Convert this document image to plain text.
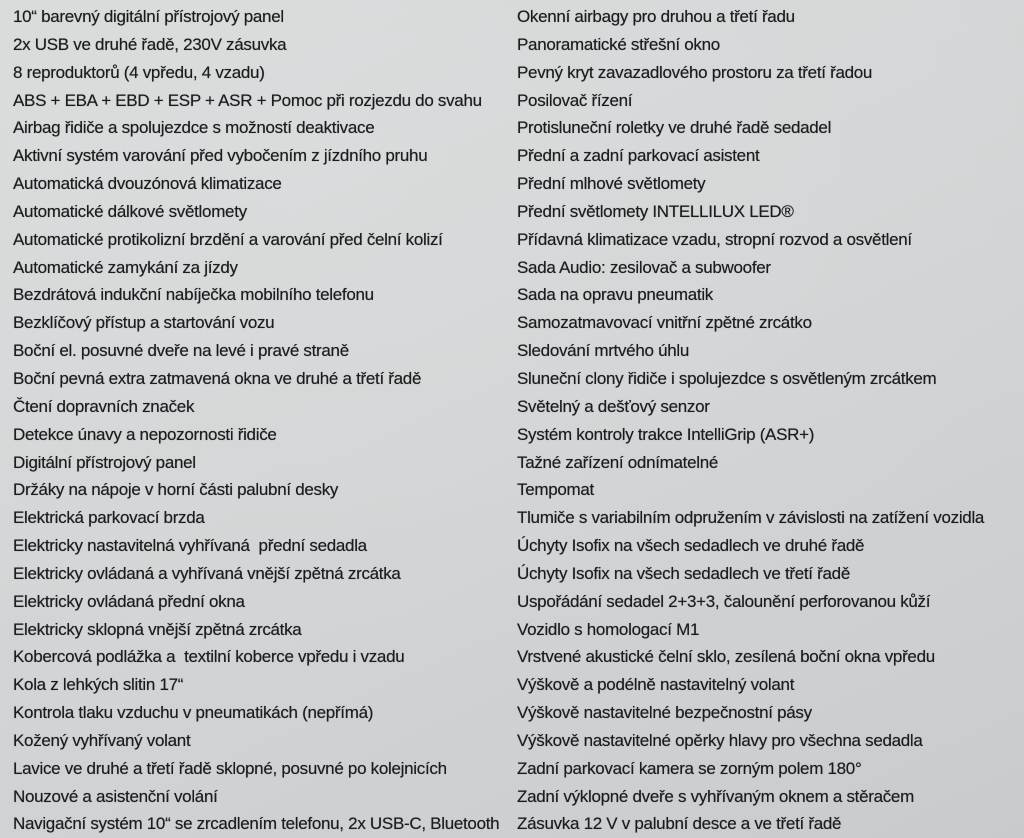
10“ barevný digitální přístrojový panel
2x USB ve druhé řadě, 230V zásuvka
8 reproduktorů (4 vpředu, 4 vzadu)
ABS + EBA + EBD + ESP + ASR + Pomoc při rozjezdu do svahu
Airbag řidiče a spolujezdce s možností deaktivace
Aktivní systém varování před vybočením z jízdního pruhu
Automatická dvouzónová klimatizace
Automatické dálkové světlomety
Automatické protikolizní brzdění a varování před čelní kolizí
Automatické zamykání za jízdy
Bezdrátová indukční nabíječka mobilního telefonu
Bezklíčový přístup a startování vozu
Boční el. posuvné dveře na levé i pravé straně
Boční pevná extra zatmavená okna ve druhé a třetí řadě
Čtení dopravních značek
Detekce únavy a nepozornosti řidiče
Digitální přístrojový panel
Držáky na nápoje v horní části palubní desky
Elektrická parkovací brzda
Elektricky nastavitelná vyhřívaná  přední sedadla
Elektricky ovládaná a vyhřívaná vnější zpětná zrcátka
Elektricky ovládaná přední okna
Elektricky sklopná vnější zpětná zrcátka
Kobercová podlážka a  textilní koberce vpředu i vzadu
Kola z lehkých slitin 17“
Kontrola tlaku vzduchu v pneumatikách (nepřímá)
Kožený vyhřívaný volant
Lavice ve druhé a třetí řadě sklopné, posuvné po kolejnicích
Nouzové a asistenční volání
Navigační systém 10“ se zrcadlením telefonu, 2x USB-C, Bluetooth
Okenní airbagy pro druhou a třetí řadu
Panoramatické střešní okno
Pevný kryt zavazadlového prostoru za třetí řadou
Posilovač řízení
Protisluneční roletky ve druhé řadě sedadel
Přední a zadní parkovací asistent
Přední mlhové světlomety
Přední světlomety INTELLILUX LED®
Přídavná klimatizace vzadu, stropní rozvod a osvětlení
Sada Audio: zesilovač a subwoofer
Sada na opravu pneumatik
Samozatmavovací vnitřní zpětné zrcátko
Sledování mrtvého úhlu
Sluneční clony řidiče i spolujezdce s osvětleným zrcátkem
Světelný a dešťový senzor
Systém kontroly trakce IntelliGrip (ASR+)
Tažné zařízení odnímatelné
Tempomat
Tlumiče s variabilním odpružením v závislosti na zatížení vozidla
Úchyty Isofix na všech sedadlech ve druhé řadě
Úchyty Isofix na všech sedadlech ve třetí řadě
Uspořádání sedadel 2+3+3, čalounění perforovanou kůží
Vozidlo s homologací M1
Vrstvené akustické čelní sklo, zesílená boční okna vpředu
Výškově a podélně nastavitelný volant
Výškově nastavitelné bezpečnostní pásy
Výškově nastavitelné opěrky hlavy pro všechna sedadla
Zadní parkovací kamera se zorným polem 180°
Zadní výklopné dveře s vyhřívaným oknem a stěračem
Zásuvka 12 V v palubní desce a ve třetí řadě
